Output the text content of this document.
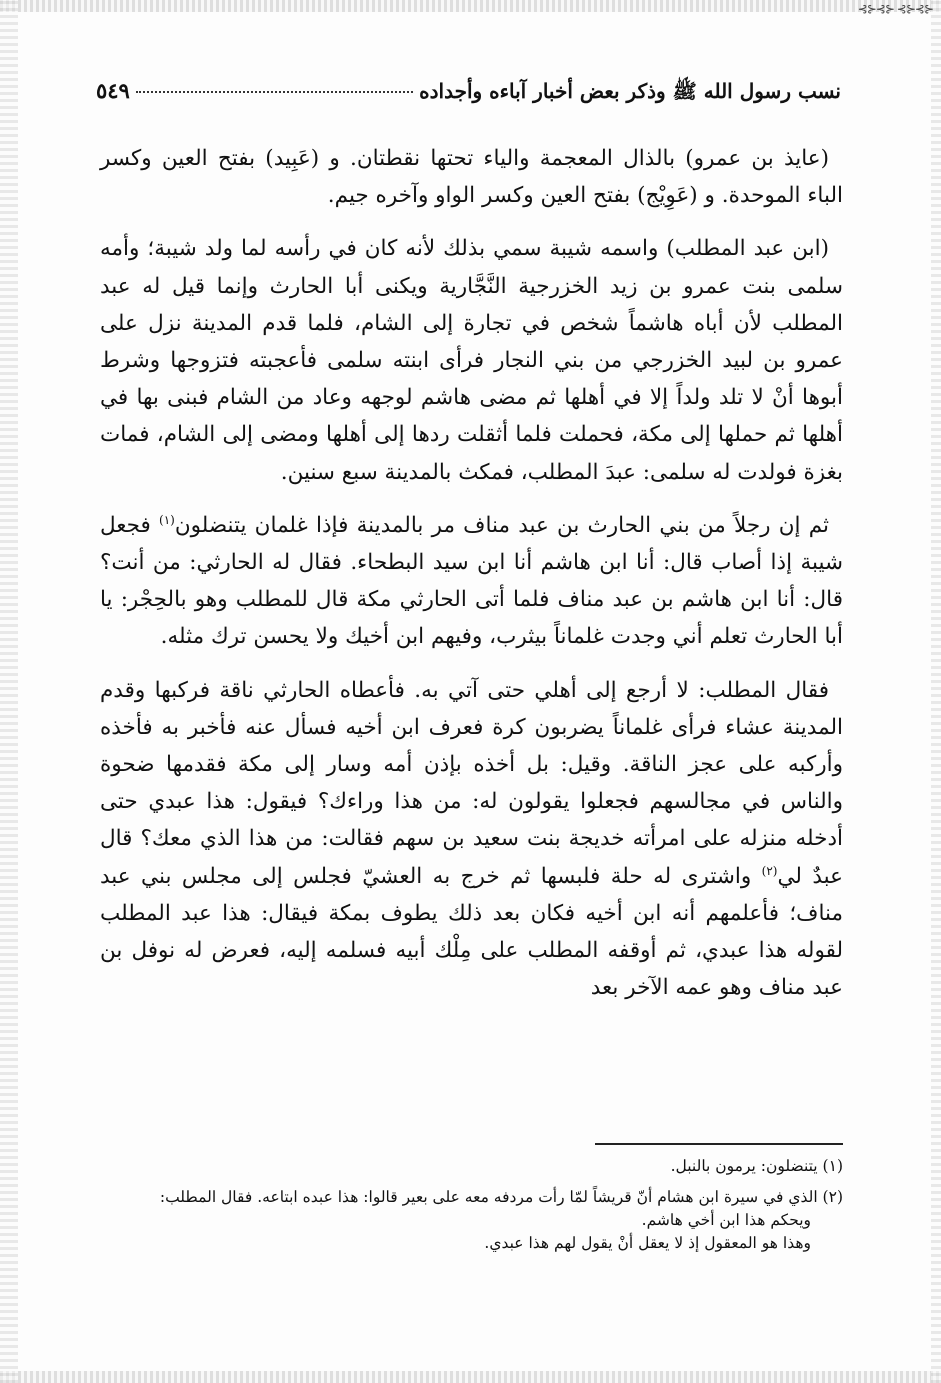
⊰⊱⊰⊱ ⊰⊱⊰⊱
نسب رسول الله ﷺ وذكر بعض أخبار آباءه وأجداده
٥٤٩

(عايذ بن عمرو) بالذال المعجمة والياء تحتها نقطتان. و (عَبِيد) بفتح العين وكسر الباء الموحدة. و (عَوِيْج) بفتح العين وكسر الواو وآخره جيم.

(ابن عبد المطلب) واسمه شيبة سمي بذلك لأنه كان في رأسه لما ولد شيبة؛ وأمه سلمى بنت عمرو بن زيد الخزرجية النَّجَّارية ويكنى أبا الحارث وإنما قيل له عبد المطلب لأن أباه هاشماً شخص في تجارة إلى الشام، فلما قدم المدينة نزل على عمرو بن لبيد الخزرجي من بني النجار فرأى ابنته سلمى فأعجبته فتزوجها وشرط أبوها أنْ لا تلد ولداً إلا في أهلها ثم مضى هاشم لوجهه وعاد من الشام فبنى بها في أهلها ثم حملها إلى مكة، فحملت فلما أثقلت ردها إلى أهلها ومضى إلى الشام، فمات بغزة فولدت له سلمى: عبدَ المطلب، فمكث بالمدينة سبع سنين.

ثم إن رجلاً من بني الحارث بن عبد مناف مر بالمدينة فإذا غلمان يتنضلون$^{(١)}$ فجعل شيبة إذا أصاب قال: أنا ابن هاشم أنا ابن سيد البطحاء. فقال له الحارثي: من أنت؟ قال: أنا ابن هاشم بن عبد مناف فلما أتى الحارثي مكة قال للمطلب وهو بالحِجْر: يا أبا الحارث تعلم أني وجدت غلماناً بيثرب، وفيهم ابن أخيك ولا يحسن ترك مثله.

فقال المطلب: لا أرجع إلى أهلي حتى آتي به. فأعطاه الحارثي ناقة فركبها وقدم المدينة عشاء فرأى غلماناً يضربون كرة فعرف ابن أخيه فسأل عنه فأخبر به فأخذه وأركبه على عجز الناقة. وقيل: بل أخذه بإذن أمه وسار إلى مكة فقدمها ضحوة والناس في مجالسهم فجعلوا يقولون له: من هذا وراءك؟ فيقول: هذا عبدي حتى أدخله منزله على امرأته خديجة بنت سعيد بن سهم فقالت: من هذا الذي معك؟ قال عبدٌ لي$^{(٢)}$ واشترى له حلة فلبسها ثم خرج به العشيّ فجلس إلى مجلس بني عبد مناف؛ فأعلمهم أنه ابن أخيه فكان بعد ذلك يطوف بمكة فيقال: هذا عبد المطلب لقوله هذا عبدي، ثم أوقفه المطلب على مِلْك أبيه فسلمه إليه، فعرض له نوفل بن عبد مناف وهو عمه الآخر بعد

(١) يتنضلون: يرمون بالنبل.
(٢) الذي في سيرة ابن هشام أنّ قريشاً لمّا رأت مردفه معه على بعير قالوا: هذا عبده ابتاعه. فقال المطلب:
ويحكم هذا ابن أخي هاشم.
وهذا هو المعقول إذ لا يعقل أنْ يقول لهم هذا عبدي.
